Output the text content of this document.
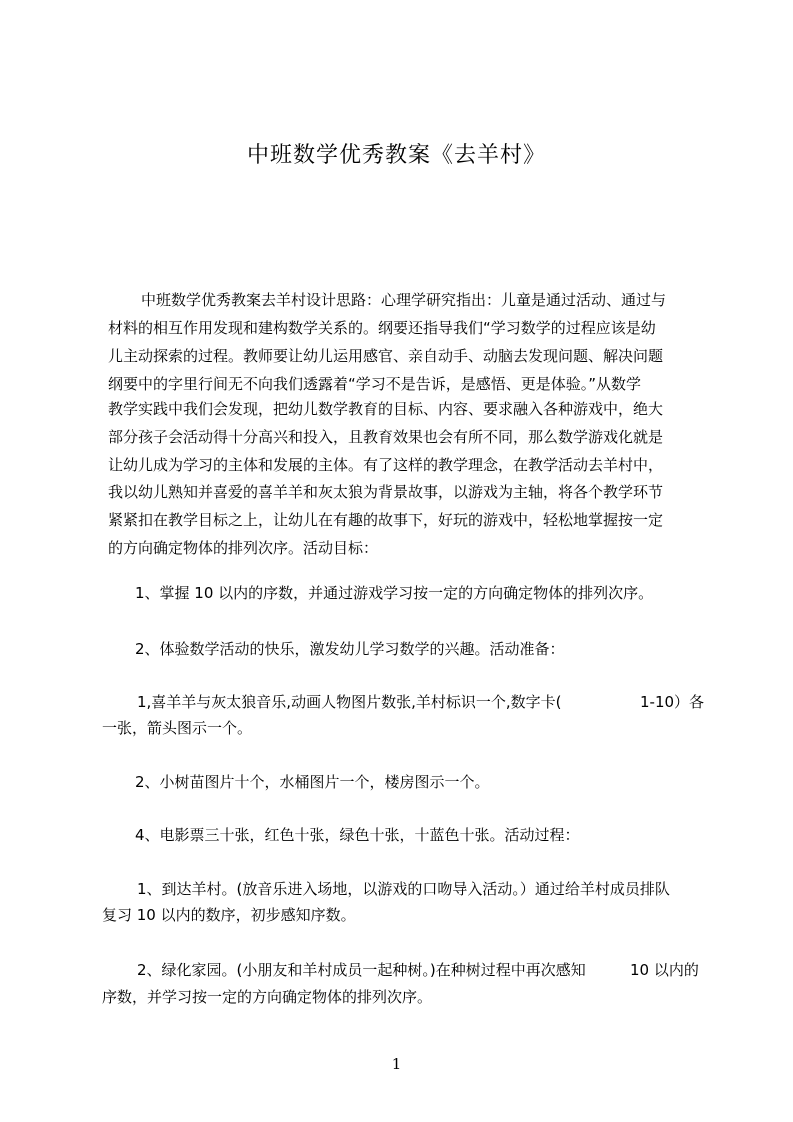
中班数学优秀教案《去羊村》
中班数学优秀教案去羊村设计思路：心理学研究指出：儿童是通过活动、通过与
材料的相互作用发现和建构数学关系的。纲要还指导我们“学习数学的过程应该是幼
儿主动探索的过程。教师要让幼儿运用感官、亲自动手、动脑去发现问题、解决问题
纲要中的字里行间无不向我们透露着“学习不是告诉，是感悟、更是体验。”从数学
教学实践中我们会发现，把幼儿数学教育的目标、内容、要求融入各种游戏中，绝大
部分孩子会活动得十分高兴和投入，且教育效果也会有所不同，那么数学游戏化就是
让幼儿成为学习的主体和发展的主体。有了这样的教学理念，在教学活动去羊村中，
我以幼儿熟知并喜爱的喜羊羊和灰太狼为背景故事，以游戏为主轴，将各个教学环节
紧紧扣在教学目标之上，让幼儿在有趣的故事下，好玩的游戏中，轻松地掌握按一定
的方向确定物体的排列次序。活动目标：
1、掌握 10 以内的序数，并通过游戏学习按一定的方向确定物体的排列次序。
2、体验数学活动的快乐，激发幼儿学习数学的兴趣。活动准备：
1,喜羊羊与灰太狼音乐,动画人物图片数张,羊村标识一个,数字卡(	1-10）各
一张，箭头图示一个。
2、小树苗图片十个，水桶图片一个，楼房图示一个。
4、电影票三十张，红色十张，绿色十张，十蓝色十张。活动过程：
1、到达羊村。(放音乐进入场地，以游戏的口吻导入活动。）通过给羊村成员排队
复习 10 以内的数序，初步感知序数。
2、绿化家园。(小朋友和羊村成员一起种树。)在种树过程中再次感知	10 以内的
序数，并学习按一定的方向确定物体的排列次序。
1
